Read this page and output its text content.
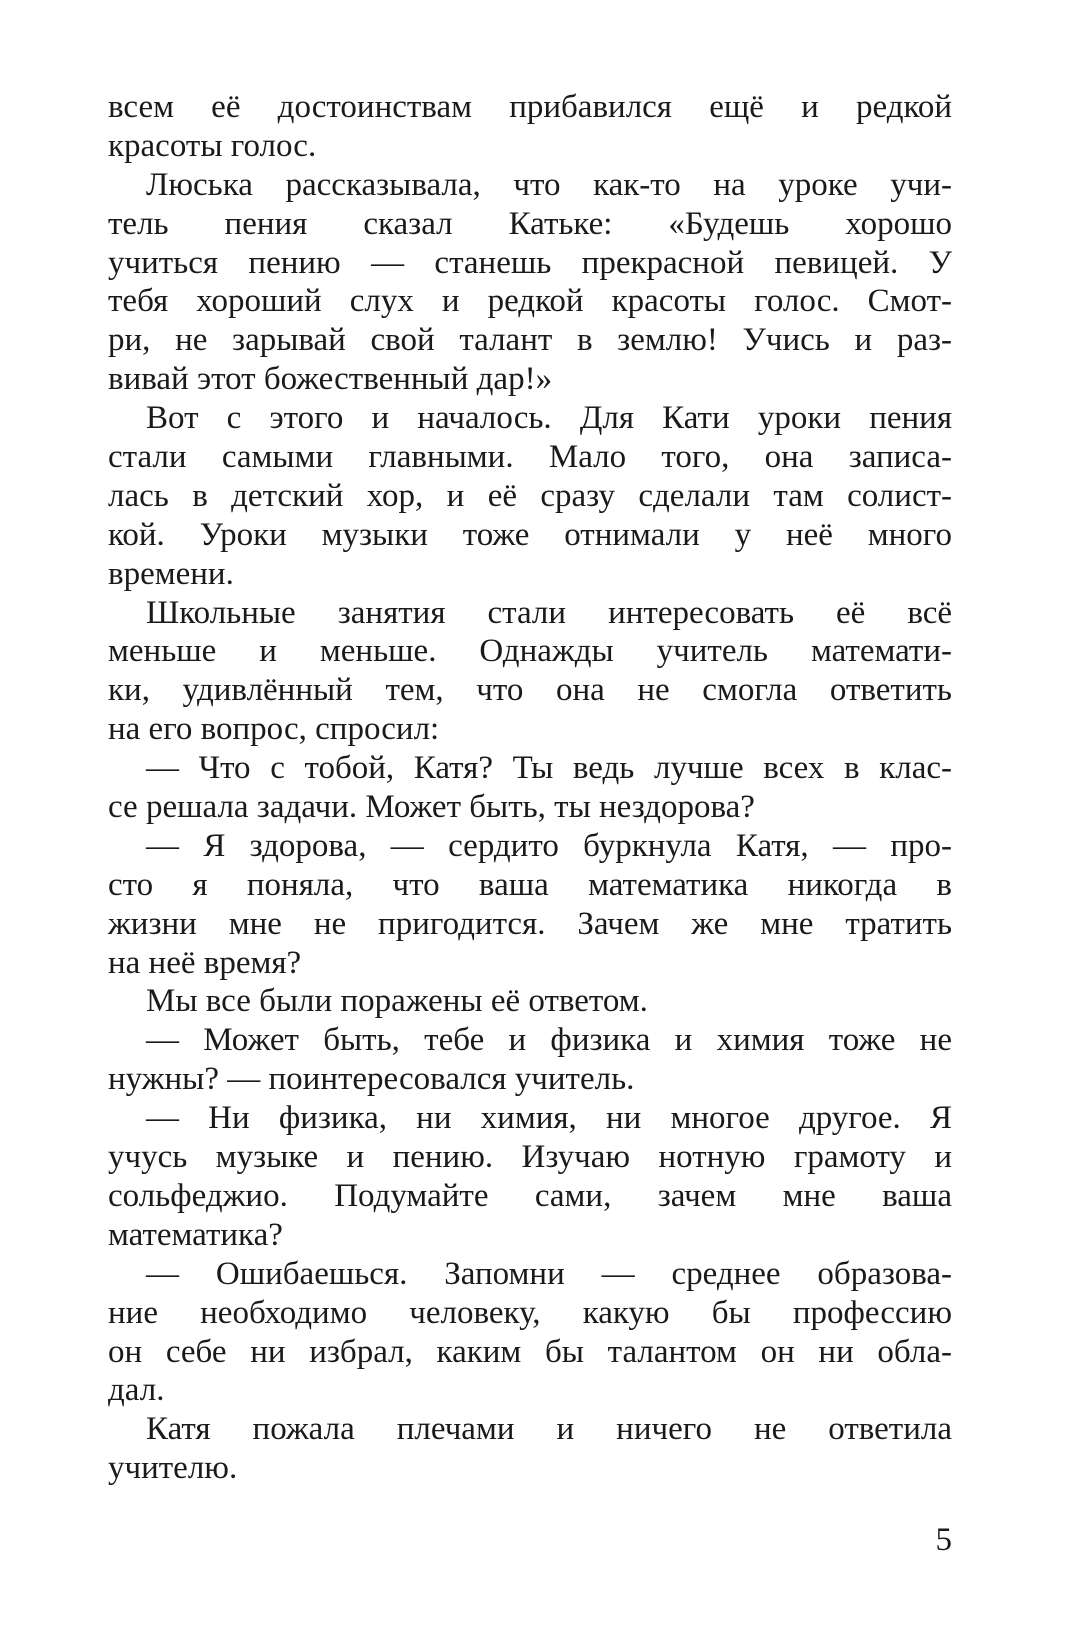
всем её достоинствам прибавился ещё и редкой
красоты голос.
Люська рассказывала, что как-то на уроке учи-
тель пения сказал Катьке: «Будешь хорошо
учиться пению — станешь прекрасной певицей. У
тебя хороший слух и редкой красоты голос. Смот-
ри, не зарывай свой талант в землю! Учись и раз-
вивай этот божественный дар!»
Вот с этого и началось. Для Кати уроки пения
стали самыми главными. Мало того, она записа-
лась в детский хор, и её сразу сделали там солист-
кой. Уроки музыки тоже отнимали у неё много
времени.
Школьные занятия стали интересовать её всё
меньше и меньше. Однажды учитель математи-
ки, удивлённый тем, что она не смогла ответить
на его вопрос, спросил:
— Что с тобой, Катя? Ты ведь лучше всех в клас-
се решала задачи. Может быть, ты нездорова?
— Я здорова, — сердито буркнула Катя, — про-
сто я поняла, что ваша математика никогда в
жизни мне не пригодится. Зачем же мне тратить
на неё время?
Мы все были поражены её ответом.
— Может быть, тебе и физика и химия тоже не
нужны? — поинтересовался учитель.
— Ни физика, ни химия, ни многое другое. Я
учусь музыке и пению. Изучаю нотную грамоту и
сольфеджио. Подумайте сами, зачем мне ваша
математика?
— Ошибаешься. Запомни — среднее образова-
ние необходимо человеку, какую бы профессию
он себе ни избрал, каким бы талантом он ни обла-
дал.
Катя пожала плечами и ничего не ответила
учителю.
5
